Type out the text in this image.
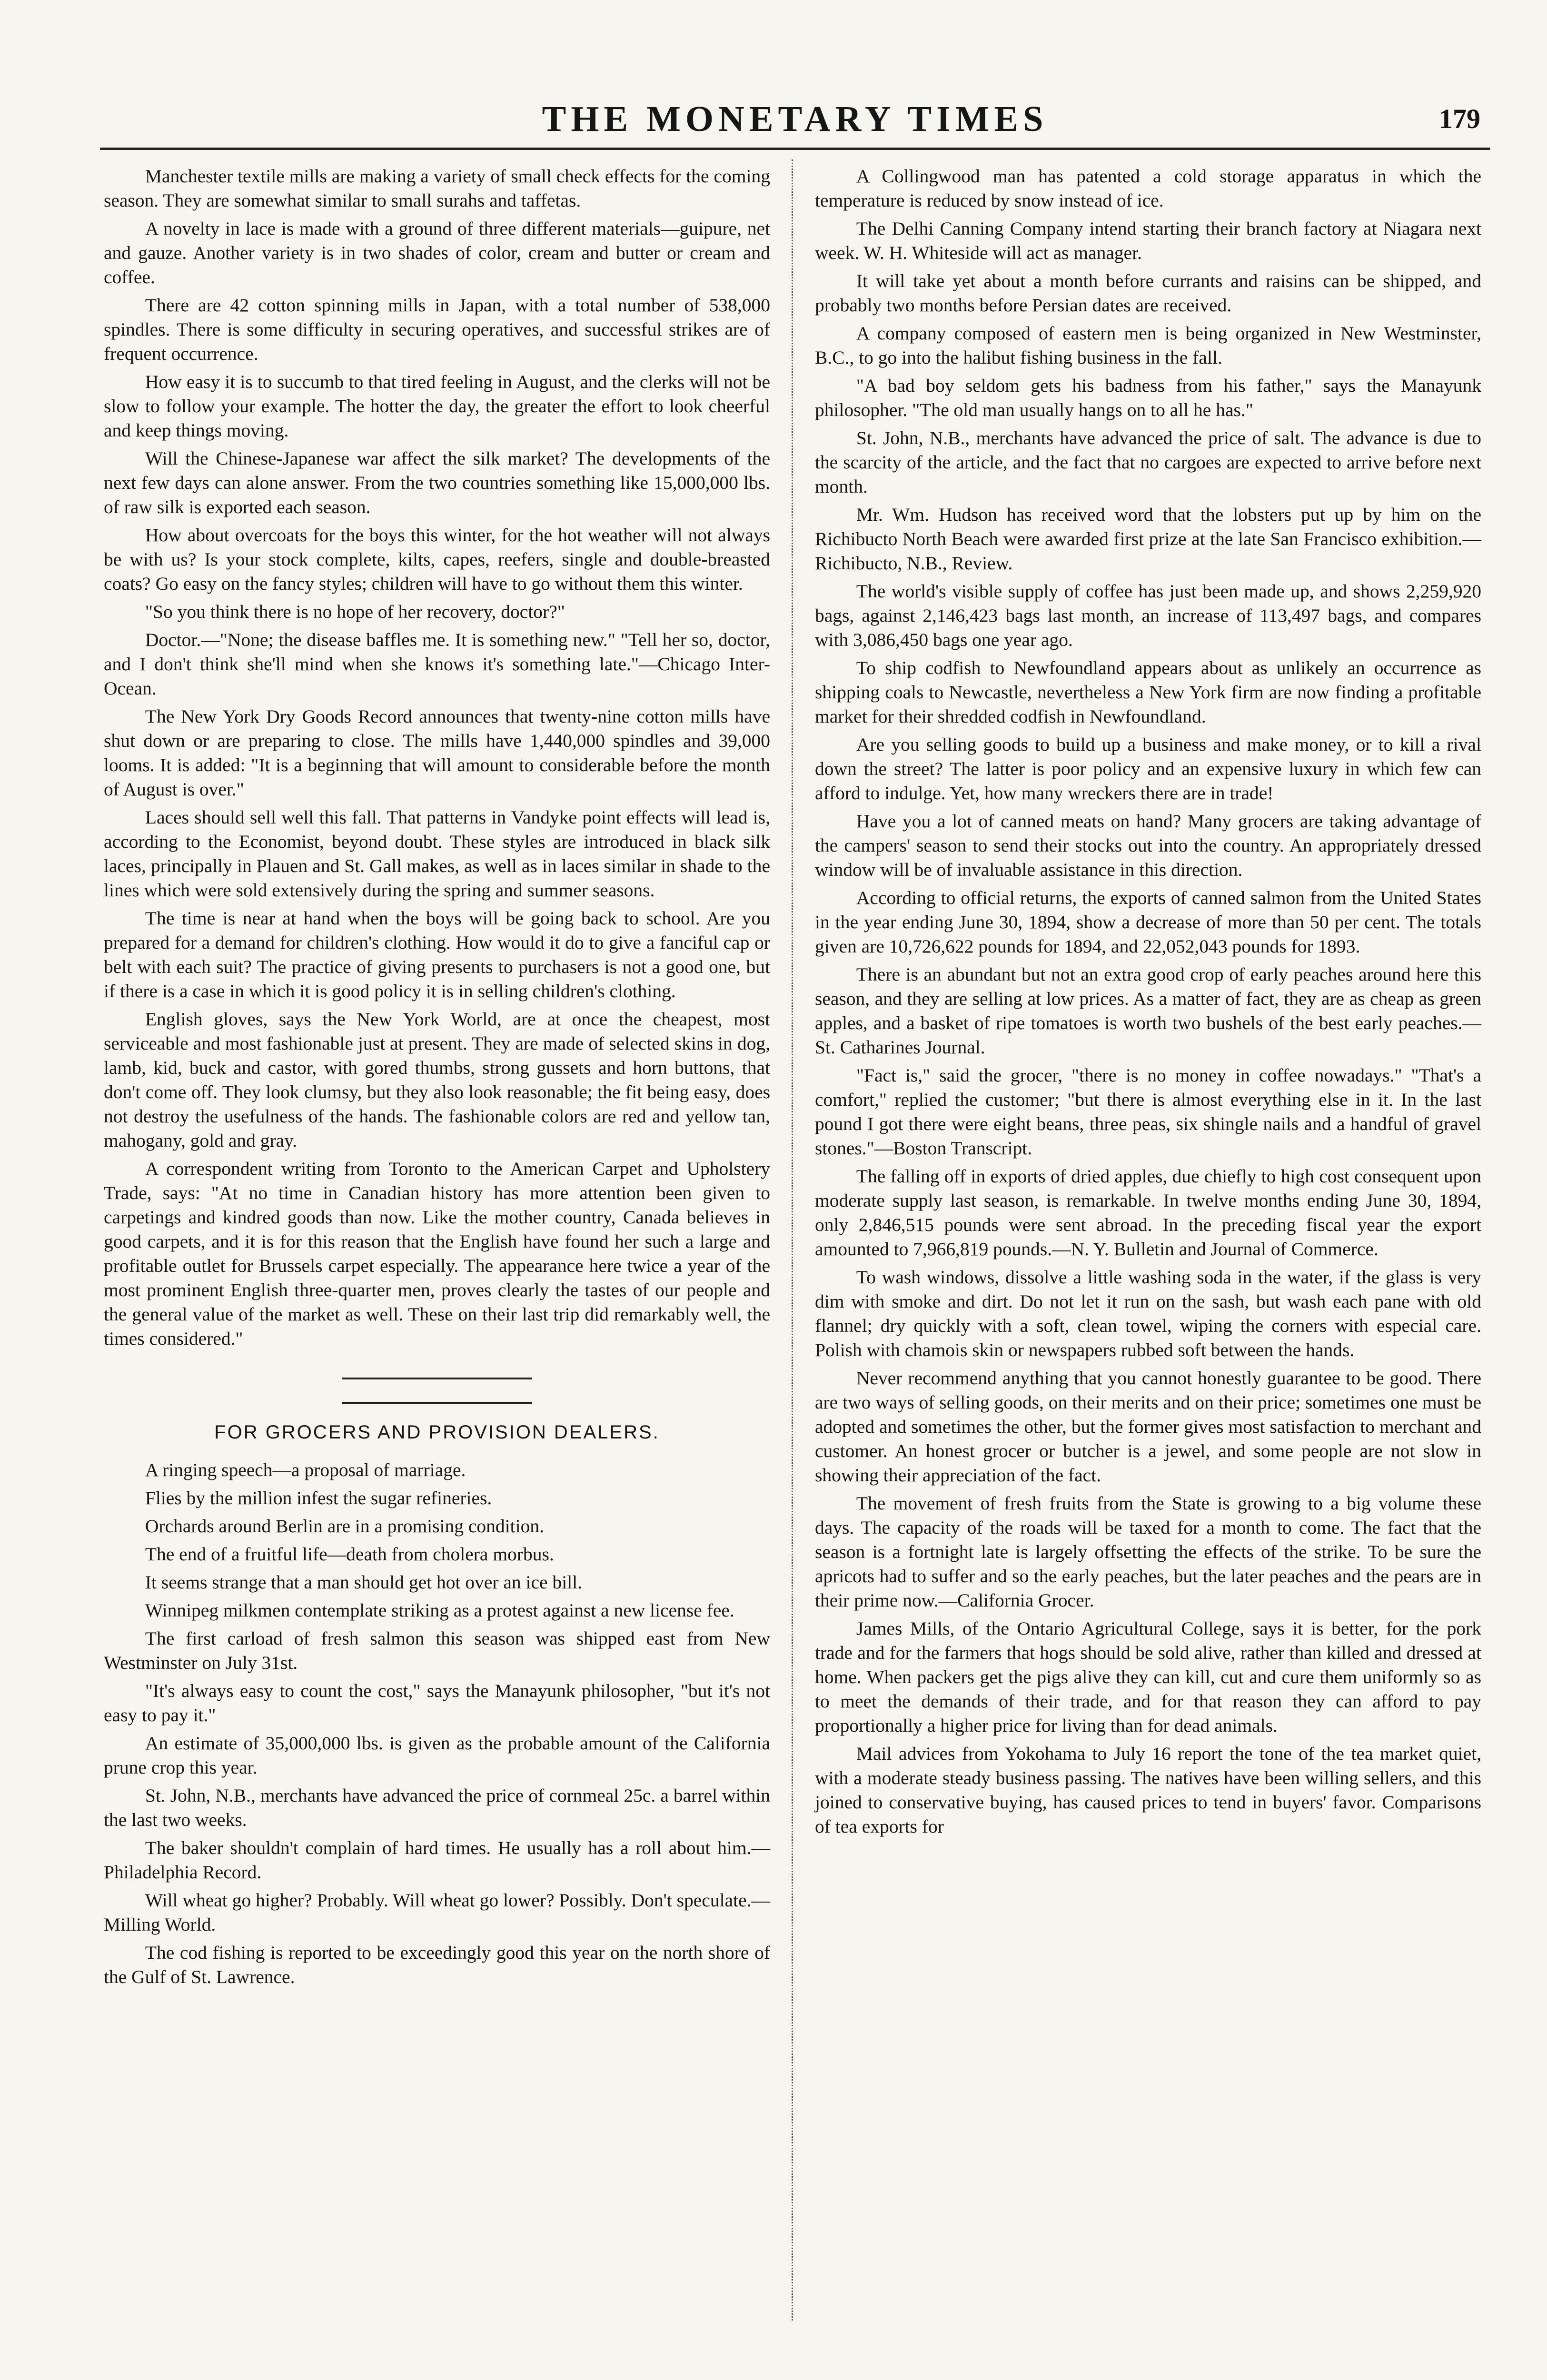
THE MONETARY TIMES	179

Manchester textile mills are making a variety of small check effects for the coming season. They are somewhat similar to small surahs and taffetas.

A novelty in lace is made with a ground of three different materials—guipure, net and gauze. Another variety is in two shades of color, cream and butter or cream and coffee.

There are 42 cotton spinning mills in Japan, with a total number of 538,000 spindles. There is some difficulty in securing operatives, and successful strikes are of frequent occurrence.

How easy it is to succumb to that tired feeling in August, and the clerks will not be slow to follow your example. The hotter the day, the greater the effort to look cheerful and keep things moving.

Will the Chinese-Japanese war affect the silk market? The developments of the next few days can alone answer. From the two countries something like 15,000,000 lbs. of raw silk is exported each season.

How about overcoats for the boys this winter, for the hot weather will not always be with us? Is your stock complete, kilts, capes, reefers, single and double-breasted coats? Go easy on the fancy styles; children will have to go without them this winter.

"So you think there is no hope of her recovery, doctor?"

Doctor.—"None; the disease baffles me. It is something new." "Tell her so, doctor, and I don't think she'll mind when she knows it's something late."—Chicago Inter-Ocean.

The New York Dry Goods Record announces that twenty-nine cotton mills have shut down or are preparing to close. The mills have 1,440,000 spindles and 39,000 looms. It is added: "It is a beginning that will amount to considerable before the month of August is over."

Laces should sell well this fall. That patterns in Vandyke point effects will lead is, according to the Economist, beyond doubt. These styles are introduced in black silk laces, principally in Plauen and St. Gall makes, as well as in laces similar in shade to the lines which were sold extensively during the spring and summer seasons.

The time is near at hand when the boys will be going back to school. Are you prepared for a demand for children's clothing. How would it do to give a fanciful cap or belt with each suit? The practice of giving presents to purchasers is not a good one, but if there is a case in which it is good policy it is in selling children's clothing.

English gloves, says the New York World, are at once the cheapest, most serviceable and most fashionable just at present. They are made of selected skins in dog, lamb, kid, buck and castor, with gored thumbs, strong gussets and horn buttons, that don't come off. They look clumsy, but they also look reasonable; the fit being easy, does not destroy the usefulness of the hands. The fashionable colors are red and yellow tan, mahogany, gold and gray.

A correspondent writing from Toronto to the American Carpet and Upholstery Trade, says: "At no time in Canadian history has more attention been given to carpetings and kindred goods than now. Like the mother country, Canada believes in good carpets, and it is for this reason that the English have found her such a large and profitable outlet for Brussels carpet especially. The appearance here twice a year of the most prominent English three-quarter men, proves clearly the tastes of our people and the general value of the market as well. These on their last trip did remarkably well, the times considered."

FOR GROCERS AND PROVISION DEALERS.

A ringing speech—a proposal of marriage.

Flies by the million infest the sugar refineries.

Orchards around Berlin are in a promising condition.

The end of a fruitful life—death from cholera morbus.

It seems strange that a man should get hot over an ice bill.

Winnipeg milkmen contemplate striking as a protest against a new license fee.

The first carload of fresh salmon this season was shipped east from New Westminster on July 31st.

"It's always easy to count the cost," says the Manayunk philosopher, "but it's not easy to pay it."

An estimate of 35,000,000 lbs. is given as the probable amount of the California prune crop this year.

St. John, N.B., merchants have advanced the price of cornmeal 25c. a barrel within the last two weeks.

The baker shouldn't complain of hard times. He usually has a roll about him.—Philadelphia Record.

Will wheat go higher? Probably. Will wheat go lower? Possibly. Don't speculate.—Milling World.

The cod fishing is reported to be exceedingly good this year on the north shore of the Gulf of St. Lawrence.

A Collingwood man has patented a cold storage apparatus in which the temperature is reduced by snow instead of ice.

The Delhi Canning Company intend starting their branch factory at Niagara next week. W. H. Whiteside will act as manager.

It will take yet about a month before currants and raisins can be shipped, and probably two months before Persian dates are received.

A company composed of eastern men is being organized in New Westminster, B.C., to go into the halibut fishing business in the fall.

"A bad boy seldom gets his badness from his father," says the Manayunk philosopher. "The old man usually hangs on to all he has."

St. John, N.B., merchants have advanced the price of salt. The advance is due to the scarcity of the article, and the fact that no cargoes are expected to arrive before next month.

Mr. Wm. Hudson has received word that the lobsters put up by him on the Richibucto North Beach were awarded first prize at the late San Francisco exhibition.—Richibucto, N.B., Review.

The world's visible supply of coffee has just been made up, and shows 2,259,920 bags, against 2,146,423 bags last month, an increase of 113,497 bags, and compares with 3,086,450 bags one year ago.

To ship codfish to Newfoundland appears about as unlikely an occurrence as shipping coals to Newcastle, nevertheless a New York firm are now finding a profitable market for their shredded codfish in Newfoundland.

Are you selling goods to build up a business and make money, or to kill a rival down the street? The latter is poor policy and an expensive luxury in which few can afford to indulge. Yet, how many wreckers there are in trade!

Have you a lot of canned meats on hand? Many grocers are taking advantage of the campers' season to send their stocks out into the country. An appropriately dressed window will be of invaluable assistance in this direction.

According to official returns, the exports of canned salmon from the United States in the year ending June 30, 1894, show a decrease of more than 50 per cent. The totals given are 10,726,622 pounds for 1894, and 22,052,043 pounds for 1893.

There is an abundant but not an extra good crop of early peaches around here this season, and they are selling at low prices. As a matter of fact, they are as cheap as green apples, and a basket of ripe tomatoes is worth two bushels of the best early peaches.—St. Catharines Journal.

"Fact is," said the grocer, "there is no money in coffee nowadays." "That's a comfort," replied the customer; "but there is almost everything else in it. In the last pound I got there were eight beans, three peas, six shingle nails and a handful of gravel stones."—Boston Transcript.

The falling off in exports of dried apples, due chiefly to high cost consequent upon moderate supply last season, is remarkable. In twelve months ending June 30, 1894, only 2,846,515 pounds were sent abroad. In the preceding fiscal year the export amounted to 7,966,819 pounds.—N. Y. Bulletin and Journal of Commerce.

To wash windows, dissolve a little washing soda in the water, if the glass is very dim with smoke and dirt. Do not let it run on the sash, but wash each pane with old flannel; dry quickly with a soft, clean towel, wiping the corners with especial care. Polish with chamois skin or newspapers rubbed soft between the hands.

Never recommend anything that you cannot honestly guarantee to be good. There are two ways of selling goods, on their merits and on their price; sometimes one must be adopted and sometimes the other, but the former gives most satisfaction to merchant and customer. An honest grocer or butcher is a jewel, and some people are not slow in showing their appreciation of the fact.

The movement of fresh fruits from the State is growing to a big volume these days. The capacity of the roads will be taxed for a month to come. The fact that the season is a fortnight late is largely offsetting the effects of the strike. To be sure the apricots had to suffer and so the early peaches, but the later peaches and the pears are in their prime now.—California Grocer.

James Mills, of the Ontario Agricultural College, says it is better, for the pork trade and for the farmers that hogs should be sold alive, rather than killed and dressed at home. When packers get the pigs alive they can kill, cut and cure them uniformly so as to meet the demands of their trade, and for that reason they can afford to pay proportionally a higher price for living than for dead animals.

Mail advices from Yokohama to July 16 report the tone of the tea market quiet, with a moderate steady business passing. The natives have been willing sellers, and this joined to conservative buying, has caused prices to tend in buyers' favor. Comparisons of tea exports for
